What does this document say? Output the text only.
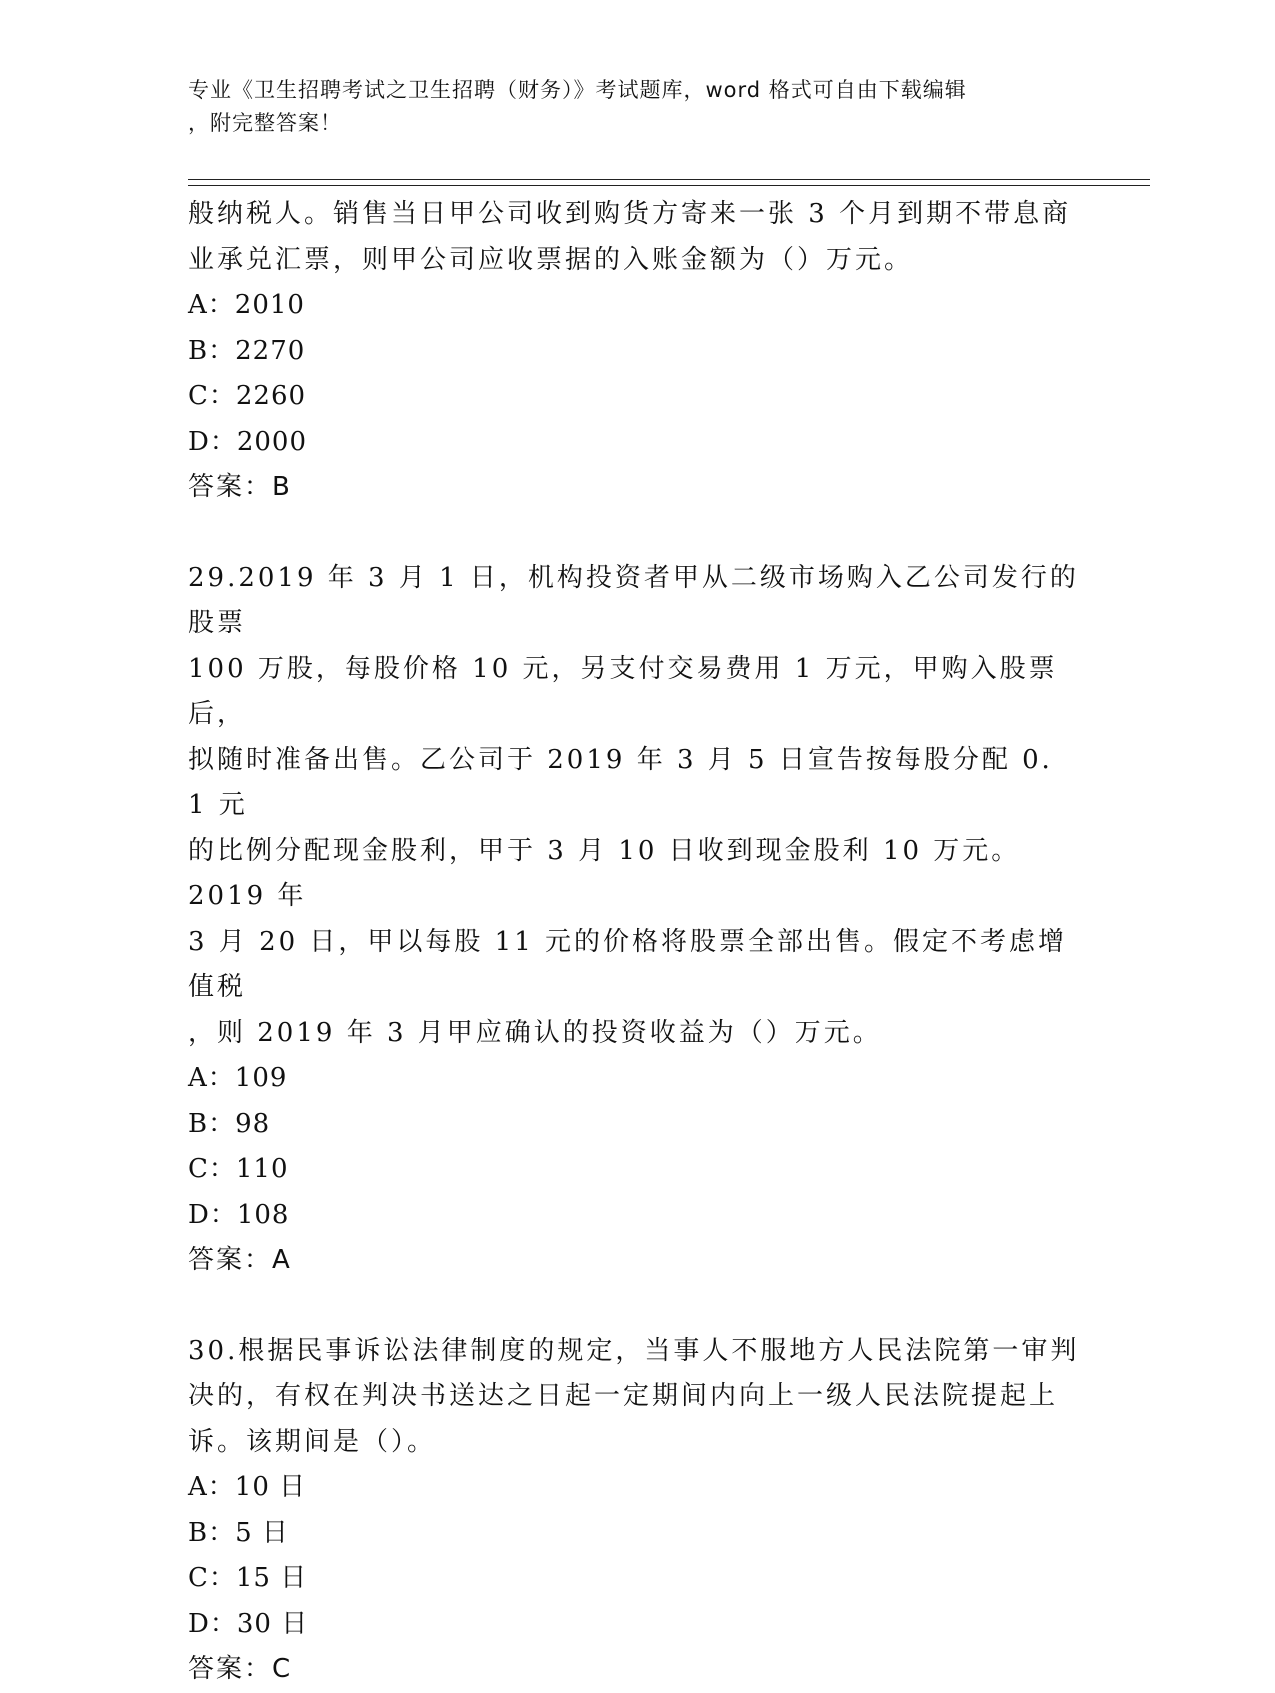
专业《卫生招聘考试之卫生招聘（财务）》考试题库，word 格式可自由下载编辑
，附完整答案！

般纳税人。销售当日甲公司收到购货方寄来一张 3 个月到期不带息商

业承兑汇票，则甲公司应收票据的入账金额为（）万元。

A：2010

B：2270

C：2260

D：2000

答案：B

29.2019 年 3 月 1 日，机构投资者甲从二级市场购入乙公司发行的股票

100 万股，每股价格 10 元，另支付交易费用 1 万元，甲购入股票后，

拟随时准备出售。乙公司于 2019 年 3 月 5 日宣告按每股分配 0．1 元

的比例分配现金股利，甲于 3 月 10 日收到现金股利 10 万元。2019 年

3 月 20 日，甲以每股 11 元的价格将股票全部出售。假定不考虑增值税

，则 2019 年 3 月甲应确认的投资收益为（）万元。

A：109

B：98

C：110

D：108

答案：A

30.根据民事诉讼法律制度的规定，当事人不服地方人民法院第一审判

决的，有权在判决书送达之日起一定期间内向上一级人民法院提起上

诉。该期间是（）。

A：10 日

B：5 日

C：15 日

D：30 日

答案：C
